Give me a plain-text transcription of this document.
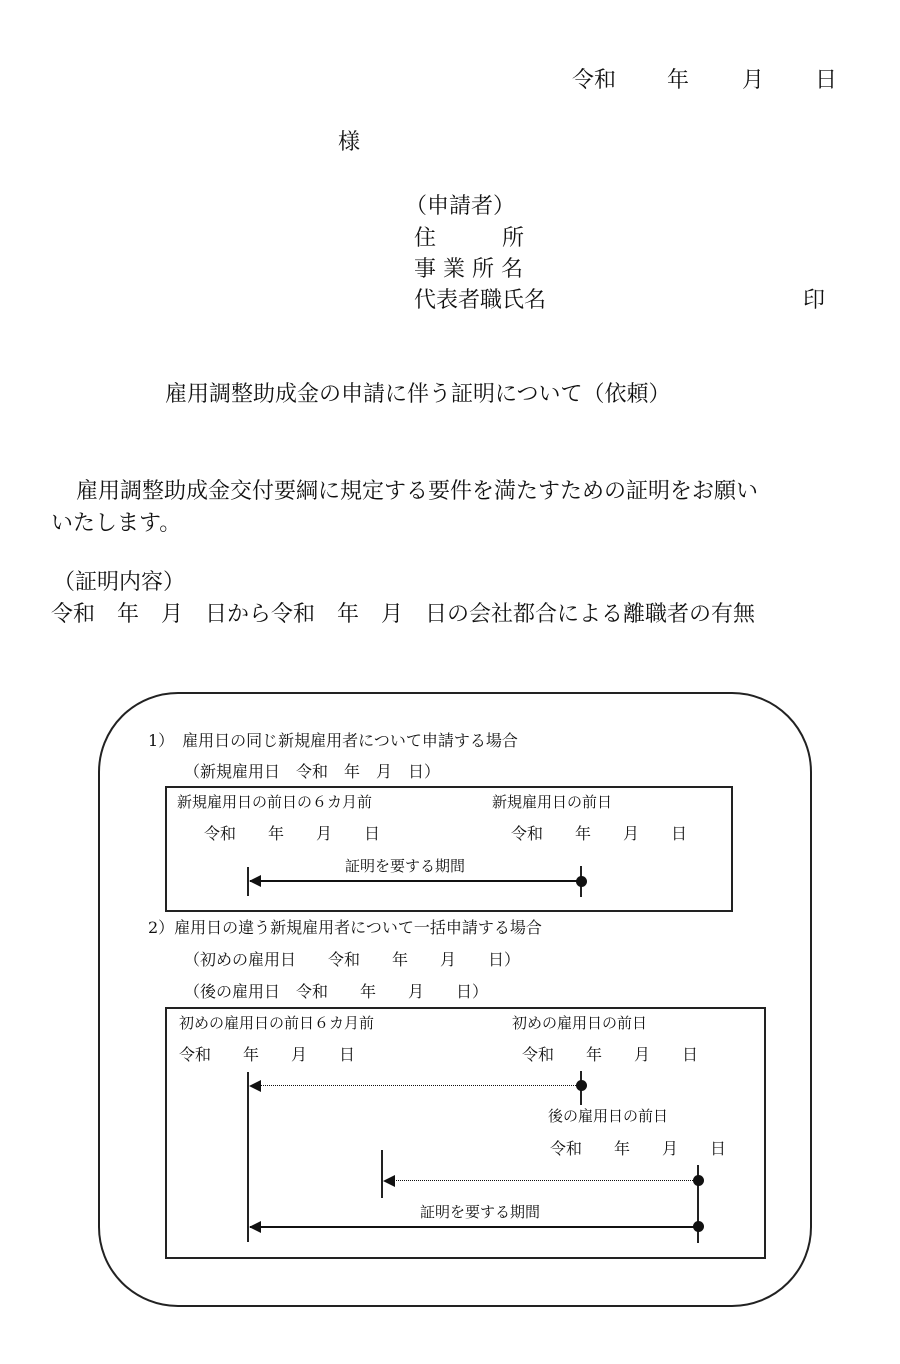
令和 年 月 日
様
（申請者）
住　　　所
事 業 所 名
代表者職氏名	印
雇用調整助成金の申請に伴う証明について（依頼）
雇用調整助成金交付要綱に規定する要件を満たすための証明をお願い
いたします。
（証明内容）
令和　年　月　日から令和　年　月　日の会社都合による離職者の有無
1）　雇用日の同じ新規雇用者について申請する場合
（新規雇用日　令和　年　月　日）
新規雇用日の前日の６カ月前	新規雇用日の前日
令和　　年　　月　　日	令和　　年　　月　　日
証明を要する期間
2）雇用日の違う新規雇用者について一括申請する場合
（初めの雇用日　　令和　　年　　月　　日）
（後の雇用日　令和　　年　　月　　日）
初めの雇用日の前日６カ月前	初めの雇用日の前日
令和　　年　　月　　日	令和　　年　　月　　日
後の雇用日の前日
令和　　年　　月　　日
証明を要する期間
